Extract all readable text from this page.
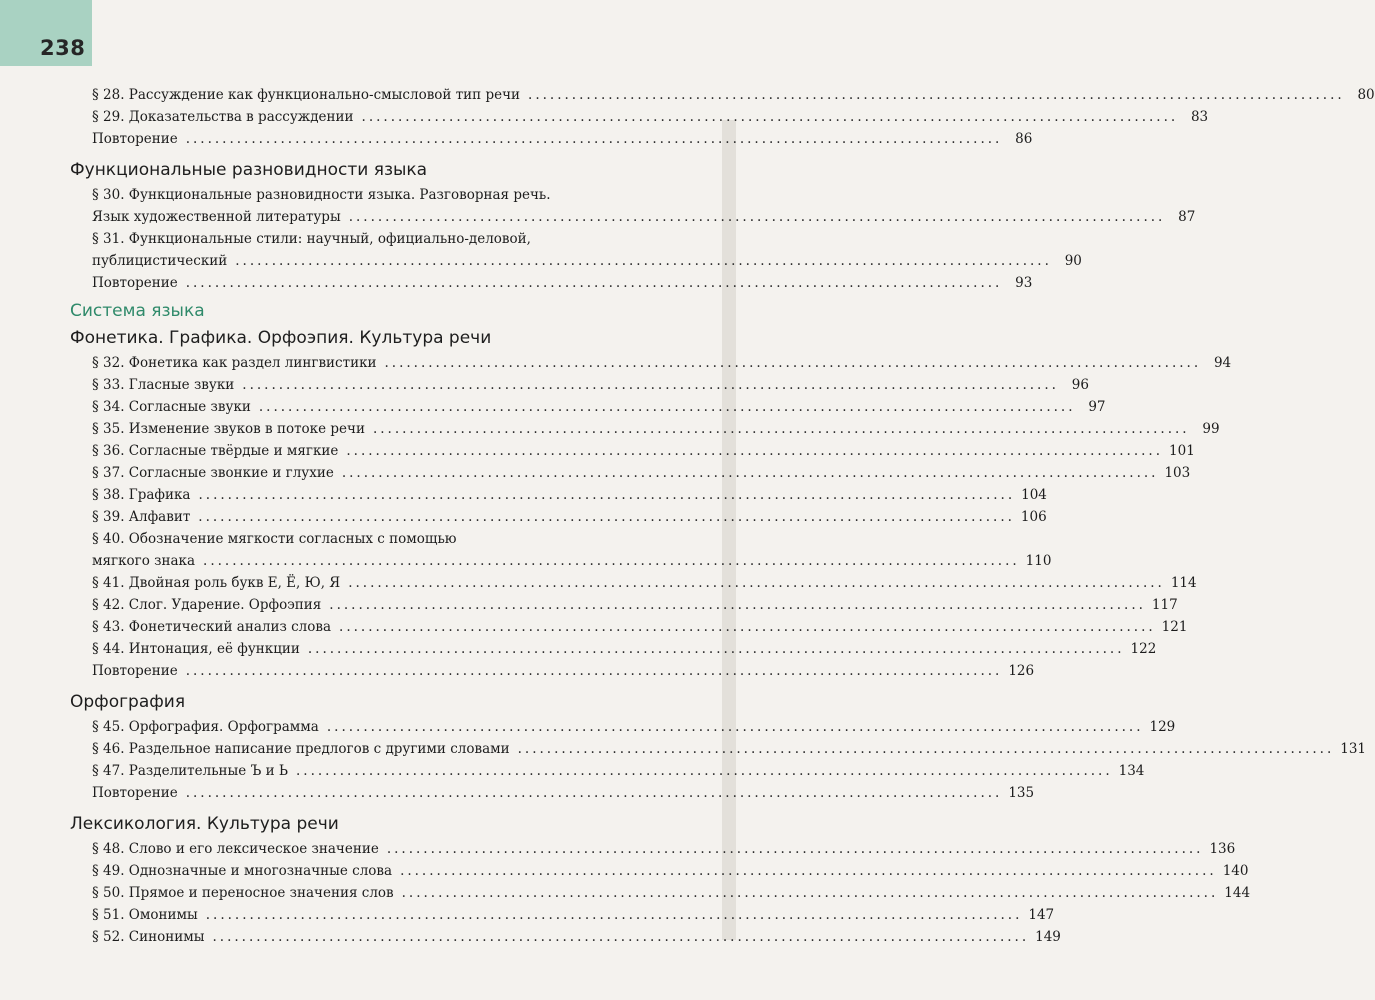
238
§ 28. Рассуждение как функционально-смысловой тип речи .....	80
§ 29. Доказательства в рассуждении .....	83
Повторение .....	86
Функциональные разновидности языка
§ 30. Функциональные разновидности языка. Разговорная речь.
Язык художественной литературы .....	87
§ 31. Функциональные стили: научный, официально-деловой,
публицистический .....	90
Повторение .....	93
Система языка
Фонетика. Графика. Орфоэпия. Культура речи
§ 32. Фонетика как раздел лингвистики .....	94
§ 33. Гласные звуки .....	96
§ 34. Согласные звуки .....	97
§ 35. Изменение звуков в потоке речи .....	99
§ 36. Согласные твёрдые и мягкие .....	101
§ 37. Согласные звонкие и глухие .....	103
§ 38. Графика .....	104
§ 39. Алфавит .....	106
§ 40. Обозначение мягкости согласных с помощью
мягкого знака .....	110
§ 41. Двойная роль букв Е, Ё, Ю, Я .....	114
§ 42. Слог. Ударение. Орфоэпия .....	117
§ 43. Фонетический анализ слова .....	121
§ 44. Интонация, её функции .....	122
Повторение .....	126
Орфография
§ 45. Орфография. Орфограмма .....	129
§ 46. Раздельное написание предлогов с другими словами .....	131
§ 47. Разделительные Ъ и Ь .....	134
Повторение .....	135
Лексикология. Культура речи
§ 48. Слово и его лексическое значение .....	136
§ 49. Однозначные и многозначные слова .....	140
§ 50. Прямое и переносное значения слов .....	144
§ 51. Омонимы .....	147
§ 52. Синонимы .....	149
